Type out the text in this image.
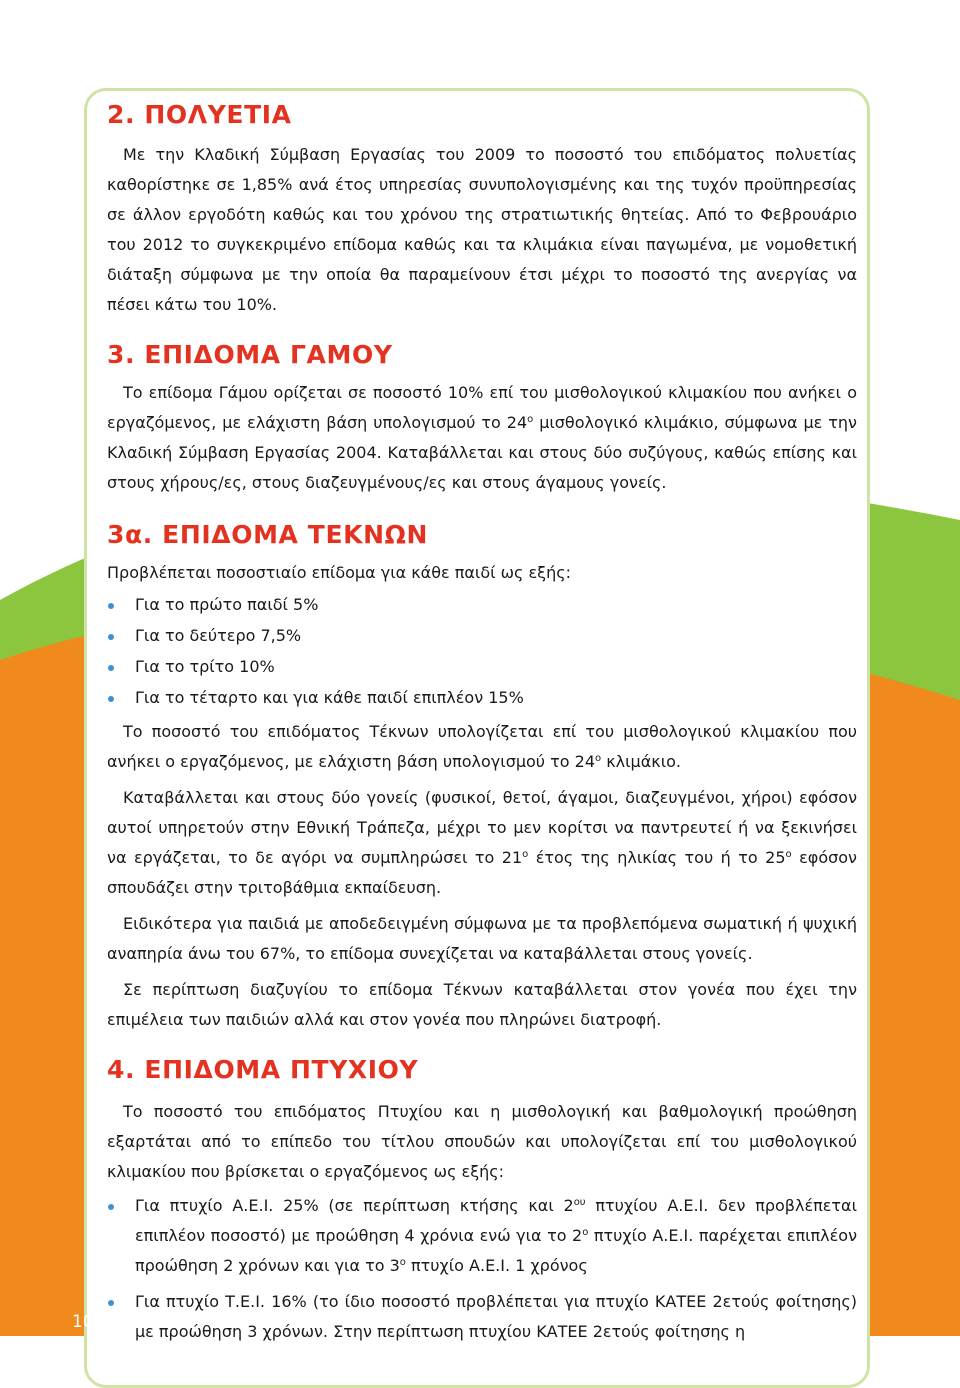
2. ΠΟΛΥΕΤΙΑ

Με την Κλαδική Σύμβαση Εργασίας του 2009 το ποσοστό του επιδόματος πολυετίας καθορίστηκε σε 1,85% ανά έτος υπηρεσίας συνυπολογισμένης και της τυχόν προϋπηρεσίας σε άλλον εργοδότη καθώς και του χρόνου της στρατιωτικής θητείας. Από το Φεβρουάριο του 2012 το συγκεκριμένο επίδομα καθώς και τα κλιμάκια είναι παγωμένα, με νομοθετική διάταξη σύμφωνα με την οποία θα παραμείνουν έτσι μέχρι το ποσοστό της ανεργίας να πέσει κάτω του 10%.

3. ΕΠΙΔΟΜΑ ΓΑΜΟΥ

Το επίδομα Γάμου ορίζεται σε ποσοστό 10% επί του μισθολογικού κλιμακίου που ανήκει ο εργαζόμενος, με ελάχιστη βάση υπολογισμού το $24^o$ μισθολογικό κλιμάκιο, σύμφωνα με την Κλαδική Σύμβαση Εργασίας 2004. Καταβάλλεται και στους δύο συζύγους, καθώς επίσης και στους χήρους/ες, στους διαζευγμένους/ες και στους άγαμους γονείς.

3α. ΕΠΙΔΟΜΑ ΤΕΚΝΩΝ

Προβλέπεται ποσοστιαίο επίδομα για κάθε παιδί ως εξής:

Για το πρώτο παιδί 5%
Για το δεύτερο 7,5%
Για το τρίτο 10%
Για το τέταρτο και για κάθε παιδί επιπλέον 15%

Το ποσοστό του επιδόματος Τέκνων υπολογίζεται επί του μισθολογικού κλιμακίου που ανήκει ο εργαζόμενος, με ελάχιστη βάση υπολογισμού το $24^o$ κλιμάκιο.

Καταβάλλεται και στους δύο γονείς (φυσικοί, θετοί, άγαμοι, διαζευγμένοι, χήροι) εφόσον αυτοί υπηρετούν στην Εθνική Τράπεζα, μέχρι το μεν κορίτσι να παντρευτεί ή να ξεκινήσει να εργάζεται, το δε αγόρι να συμπληρώσει το $21^o$ έτος της ηλικίας του ή το $25^o$ εφόσον σπουδάζει στην τριτοβάθμια εκπαίδευση.

Ειδικότερα για παιδιά με αποδεδειγμένη σύμφωνα με τα προβλεπόμενα σωματική ή ψυχική αναπηρία άνω του 67%, το επίδομα συνεχίζεται να καταβάλλεται στους γονείς.

Σε περίπτωση διαζυγίου το επίδομα Τέκνων καταβάλλεται στον γονέα που έχει την επιμέλεια των παιδιών αλλά και στον γονέα που πληρώνει διατροφή.

4. ΕΠΙΔΟΜΑ ΠΤΥΧΙΟΥ

Το ποσοστό του επιδόματος Πτυχίου και η μισθολογική και βαθμολογική προώθηση εξαρτάται από το επίπεδο του τίτλου σπουδών και υπολογίζεται επί του μισθολογικού κλιμακίου που βρίσκεται ο εργαζόμενος ως εξής:

Για πτυχίο Α.Ε.Ι. 25% (σε περίπτωση κτήσης και $2^{o\upsilon}$ πτυχίου Α.Ε.Ι. δεν προβλέπεται επιπλέον ποσοστό) με προώθηση 4 χρόνια ενώ για το $2^o$ πτυχίο Α.Ε.Ι. παρέχεται επιπλέον προώθηση 2 χρόνων και για το $3^o$ πτυχίο Α.Ε.Ι. 1 χρόνος
Για πτυχίο Τ.Ε.Ι. 16% (το ίδιο ποσοστό προβλέπεται για πτυχίο ΚΑΤΕΕ 2ετούς φοίτησης) με προώθηση 3 χρόνων. Στην περίπτωση πτυχίου ΚΑΤΕΕ 2ετούς φοίτησης η
10
